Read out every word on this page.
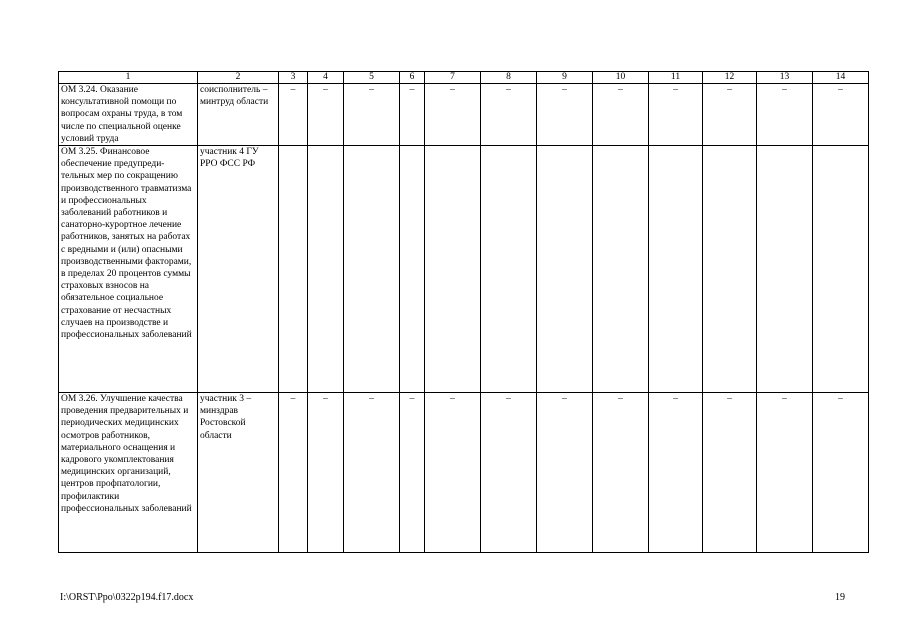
1	2	3	4	5	6	7	8	9	10	11	12	13	14
ОМ 3.24. Оказание консультативной помощи по вопросам охраны труда, в том числе по специальной оценке условий труда	соисполнитель – минтруд области	–	–	–	–	–	–	–	–	–	–	–	–
ОМ 3.25. Финансовое обеспечение предупреди-тельных мер по сокращению производственного травматизма и профессиональных заболеваний работников и санаторно-курортное лечение работников, занятых на работах с вредными и (или) опасными производственными факторами, в пределах 20 процентов суммы страховых взносов на обязательное социальное страхование от несчастных случаев на производстве и профессиональных заболеваний	участник 4 ГУ РРО ФСС РФ												
ОМ 3.26. Улучшение качества проведения предварительных и периодических медицинских осмотров работников, материального оснащения и кадрового укомплектования медицинских организаций, центров профпатологии, профилактики профессиональных заболеваний	участник 3 – минздрав Ростовской области	–	–	–	–	–	–	–	–	–	–	–	–
I:\ORST\Ppo\0322p194.f17.docx	19
